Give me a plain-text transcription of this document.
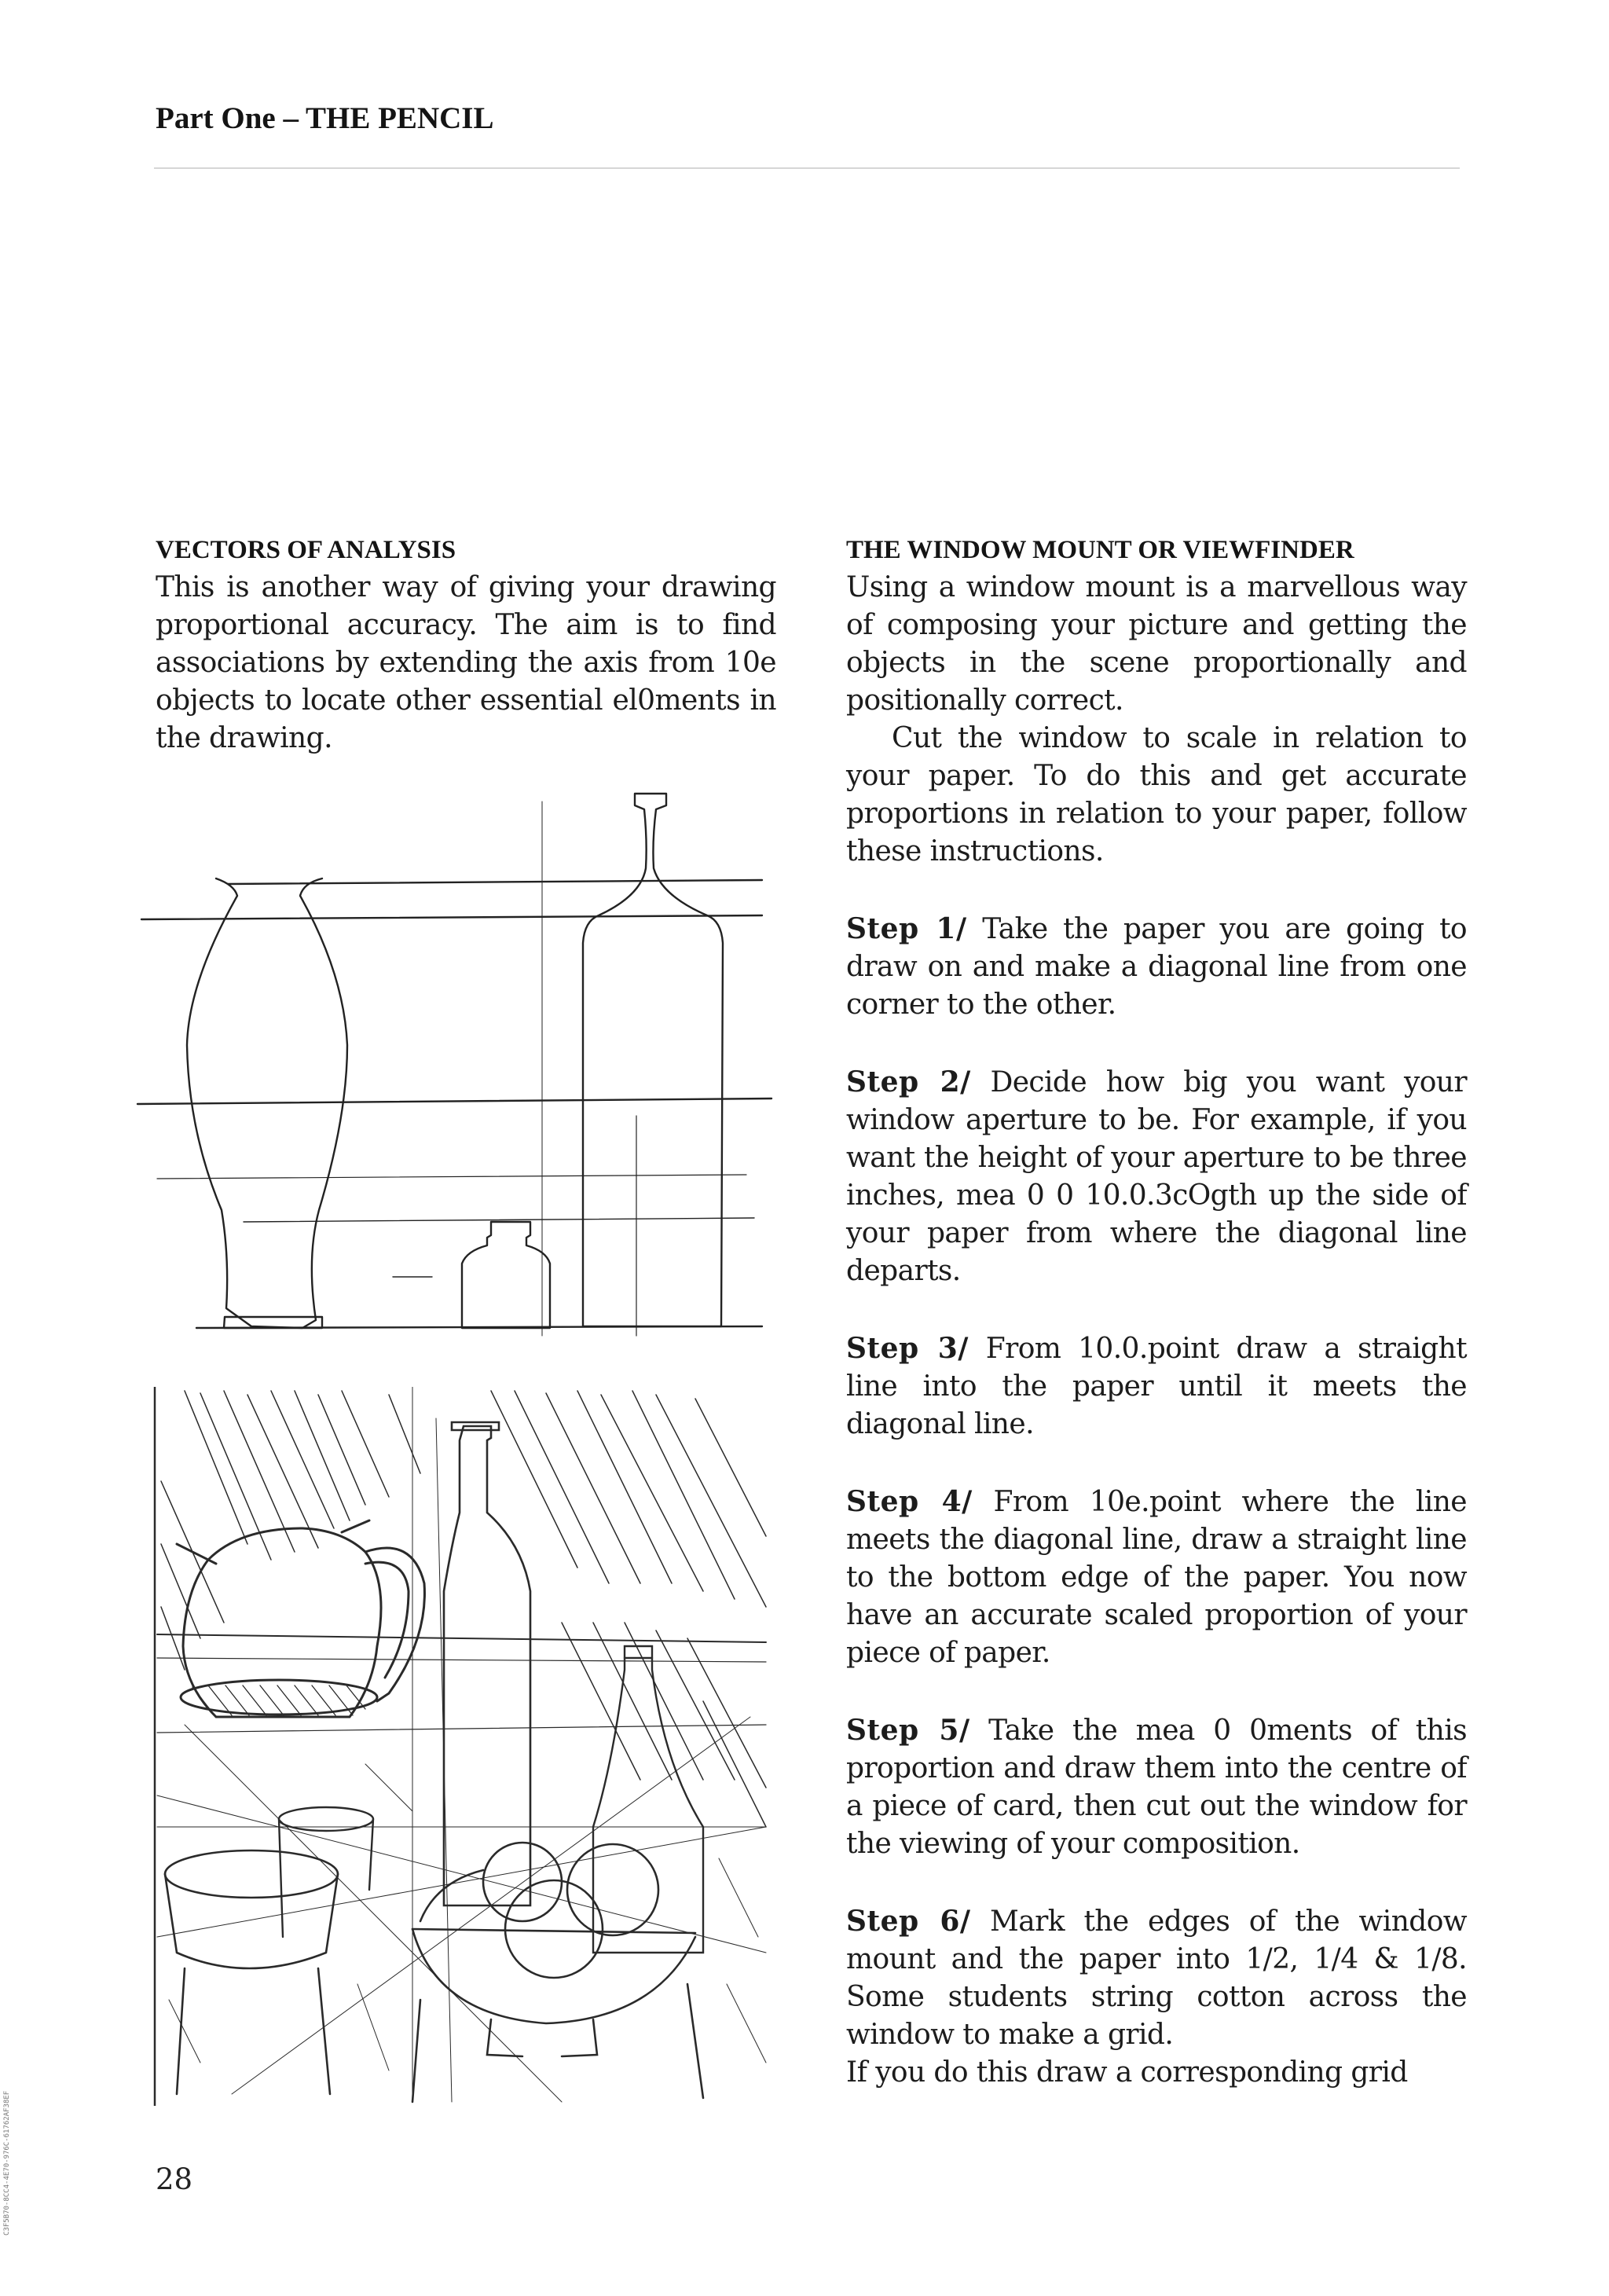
Part One – THE PENCIL
VECTORS OF ANALYSIS

This is another way of giving your drawing proportional accuracy. The aim is to find associations by extending the axis from 10e objects to locate other essential el0ments in the drawing.

THE WINDOW MOUNT OR VIEWFINDER

Using a window mount is a marvellous way of composing your picture and getting the objects in the scene proportionally and positionally correct.

Cut the window to scale in relation to your paper. To do this and get accurate proportions in relation to your paper, follow these instructions.

Step 1/ Take the paper you are going to draw on and make a diagonal line from one corner to the other.

Step 2/ Decide how big you want your window aperture to be. For example, if you want the height of your aperture to be three inches, mea 0 0 10.0.3cOgth up the side of your paper from where the diagonal line departs.

Step 3/ From 10.0.point draw a straight line into the paper until it meets the diagonal line.

Step 4/ From 10e.point where the line meets the diagonal line, draw a straight line to the bottom edge of the paper. You now have an accurate scaled proportion of your piece of paper.

Step 5/ Take the mea 0 0ments of this proportion and draw them into the centre of a piece of card, then cut out the window for the viewing of your composition.

Step 6/ Mark the edges of the window mount and the paper into 1/2, 1/4 & 1/8. Some students string cotton across the window to make a grid.

If you do this draw a corresponding grid

28
C3F5B70-8CC4-4E70-976C-61762AF38EF
